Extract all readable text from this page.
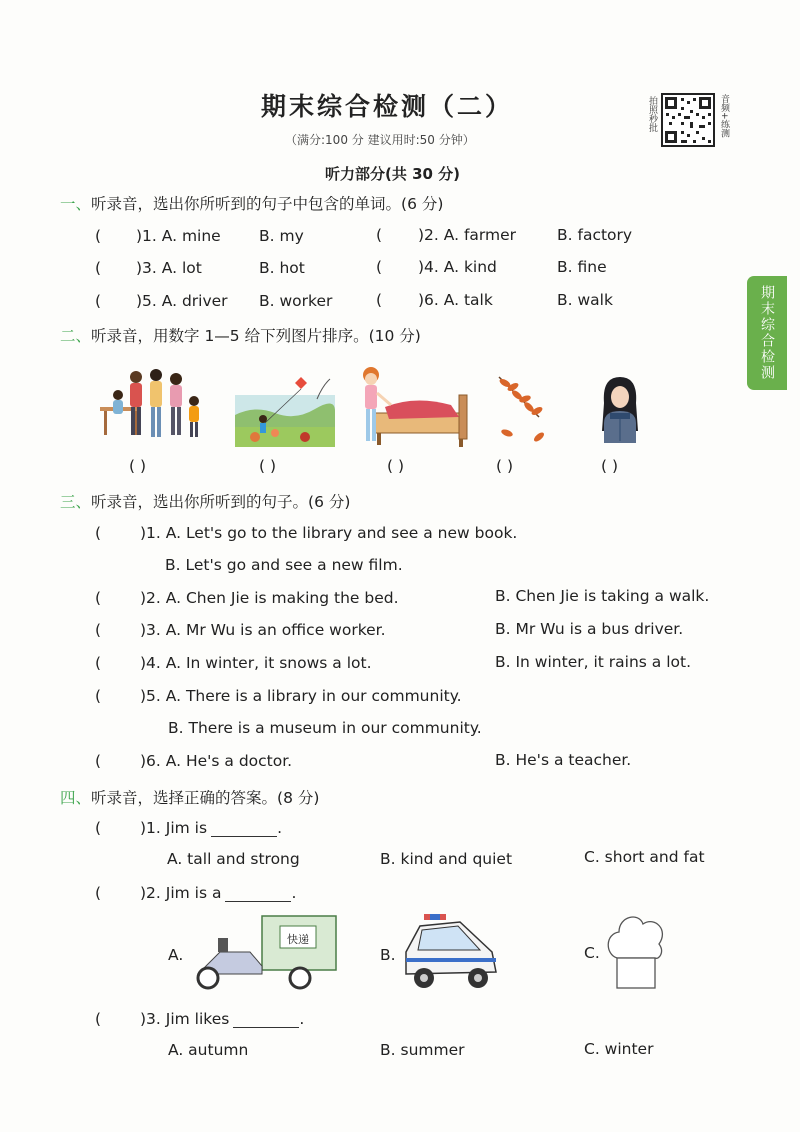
期末综合检测（二）
（满分:100 分 建议用时:50 分钟）
听力部分(共 30 分)
拍照秒批	音频+练测
期末综合检测
一、听录音，选出你所听到的句子中包含的单词。(6 分)
( )1. A. mine B. my	( )2. A. farmer	B. factory
( )3. A. lot	B. hot	( )4. A. kind	B. fine
( )5. A. driver B. worker	( )6. A. talk	B. walk
二、听录音，用数字 1—5 给下列图片排序。(10 分)
( )	( )	( )	( )	( )
三、听录音，选出你所听到的句子。(6 分)
(	)1. A. Let's go to the library and see a new book.
B. Let's go and see a new film.
(	)2. A. Chen Jie is making the bed.	B. Chen Jie is taking a walk.
(	)3. A. Mr Wu is an office worker.	B. Mr Wu is a bus driver.
(	)4. A. In winter, it snows a lot.	B. In winter, it rains a lot.
(	)5. A. There is a library in our community.
B. There is a museum in our community.
(	)6. A. He's a doctor.	B. He's a teacher.
四、听录音，选择正确的答案。(8 分)
(	)1. Jim is	.
A. tall and strong	B. kind and quiet	C. short and fat
(	)2. Jim is a	.
A.
快递
B.	C.
(	)3. Jim likes	.
A. autumn	B. summer	C. winter
